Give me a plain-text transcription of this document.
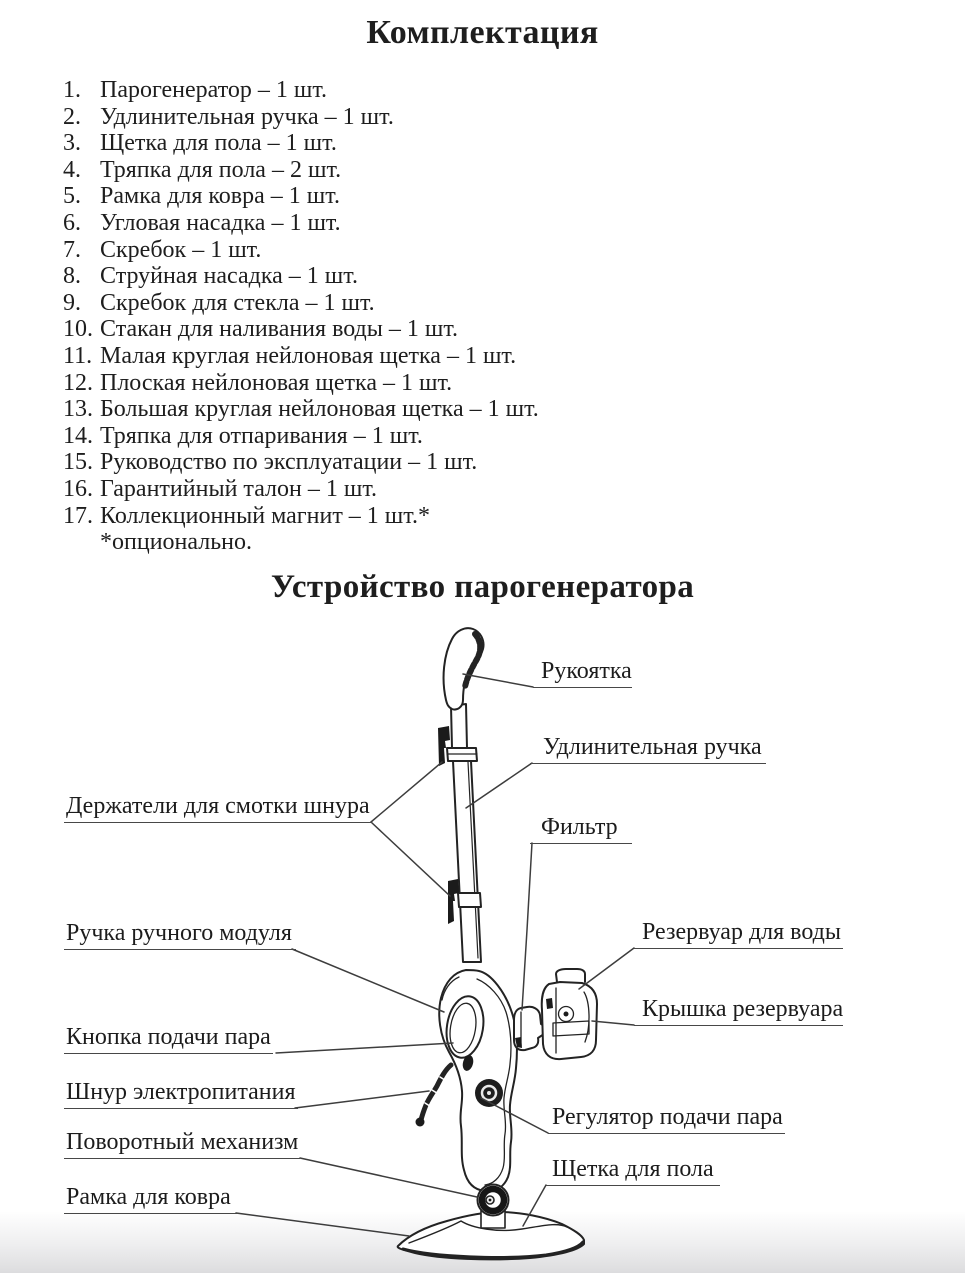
Комплектация
1. Парогенератор – 1 шт.
2. Удлинительная ручка – 1 шт.
3. Щетка для пола – 1 шт.
4. Тряпка для пола – 2 шт.
5. Рамка для ковра – 1 шт.
6. Угловая насадка – 1 шт.
7. Скребок – 1 шт.
8. Струйная насадка – 1 шт.
9. Скребок для стекла – 1 шт.
10. Стакан для наливания воды – 1 шт.
11. Малая круглая нейлоновая щетка – 1 шт.
12. Плоская нейлоновая щетка – 1 шт.
13. Большая круглая нейлоновая щетка – 1 шт.
14. Тряпка для отпаривания – 1 шт.
15. Руководство по эксплуатации – 1 шт.
16. Гарантийный талон – 1 шт.
17. Коллекционный магнит – 1 шт.*
*опционально.
Устройство парогенератора
Рукоятка
Удлинительная ручка
Фильтр
Держатели для смотки шнура
Ручка ручного модуля
Кнопка подачи пара
Шнур электропитания
Поворотный механизм
Рамка для ковра
Резервуар для воды
Крышка резервуара
Регулятор подачи пара
Щетка для пола
